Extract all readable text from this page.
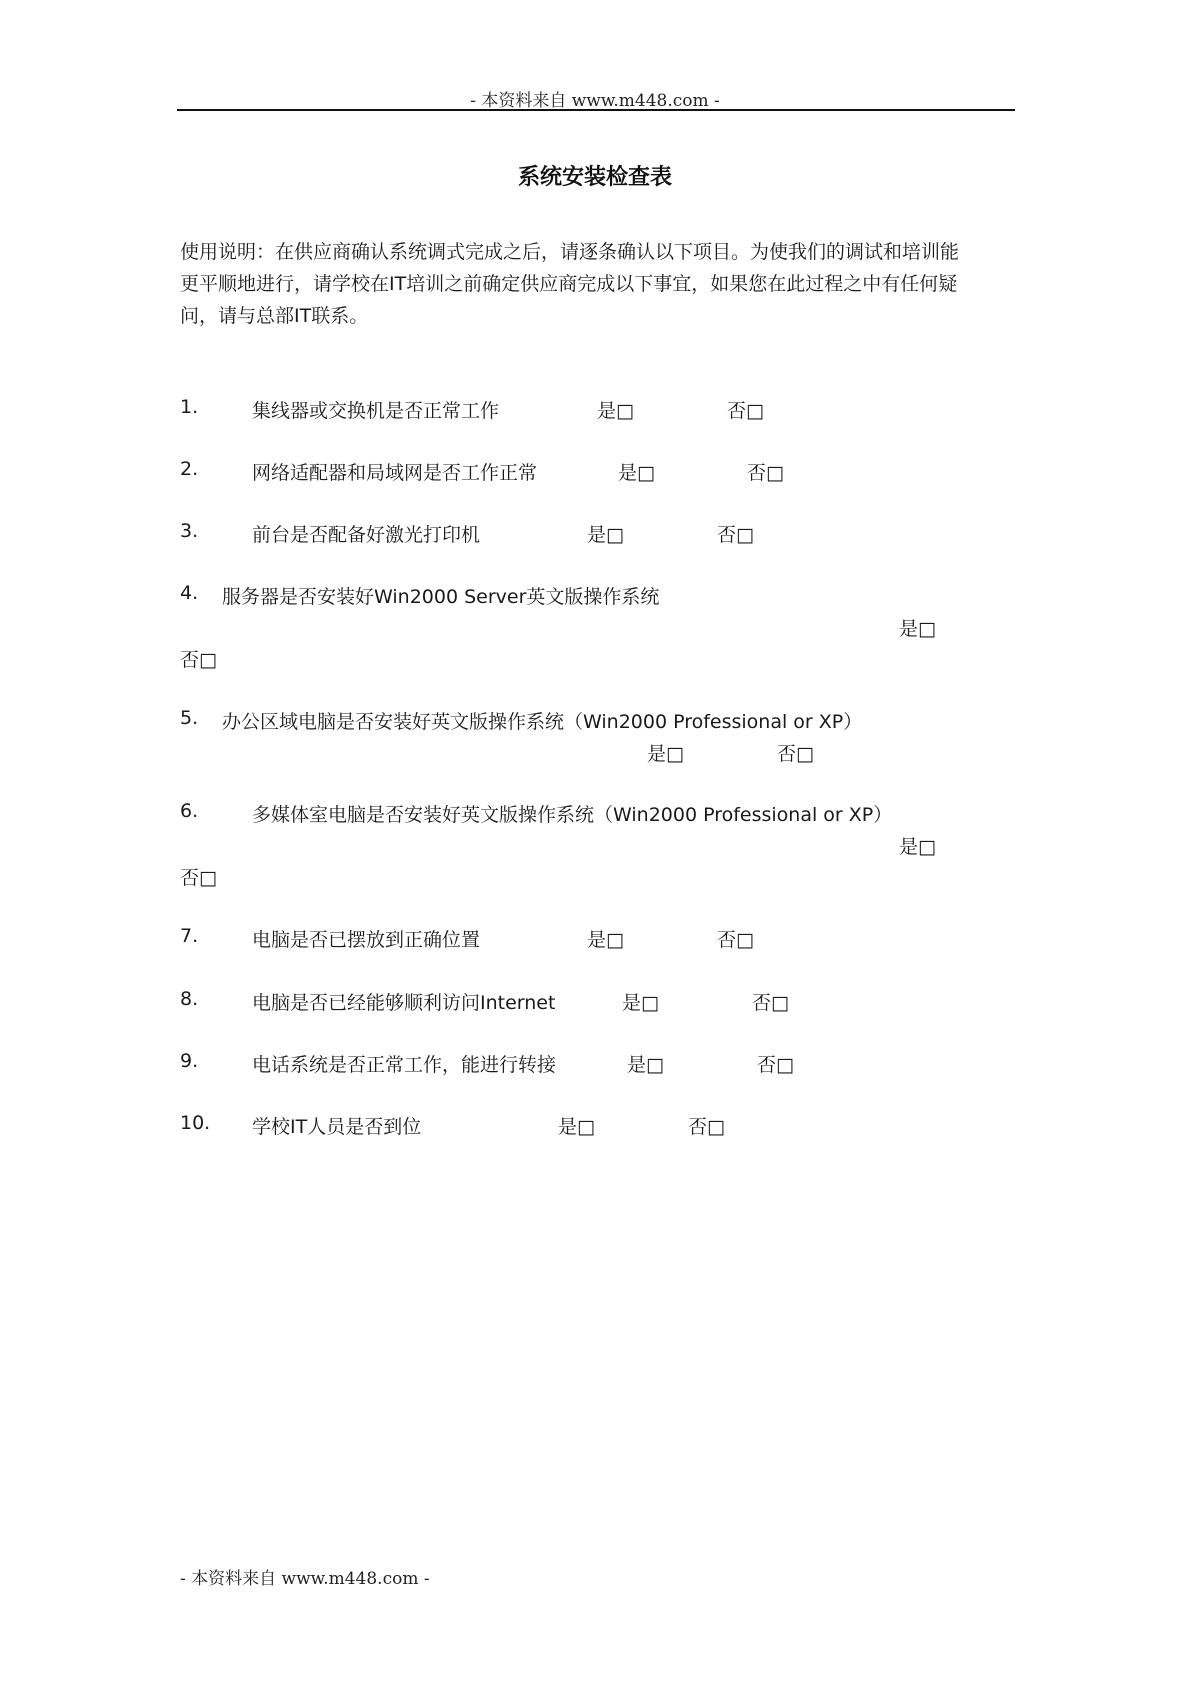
- 本资料来自 www.m448.com -
系统安装检查表
使用说明：在供应商确认系统调式完成之后，请逐条确认以下项目。为使我们的调试和培训能
更平顺地进行，请学校在IT培训之前确定供应商完成以下事宜，如果您在此过程之中有任何疑
问，请与总部IT联系。
1.	集线器或交换机是否正常工作	是□	否□
2.	网络适配器和局域网是否工作正常	是□	否□
3.	前台是否配备好激光打印机	是□	否□
4. 服务器是否安装好Win2000 Server英文版操作系统
是□
否□
5. 办公区域电脑是否安装好英文版操作系统（Win2000 Professional or XP）
是□	否□
6.	多媒体室电脑是否安装好英文版操作系统（Win2000 Professional or XP）
是□
否□
7.	电脑是否已摆放到正确位置	是□	否□
8.	电脑是否已经能够顺利访问Internet	是□	否□
9.	电话系统是否正常工作，能进行转接	是□	否□
10. 学校IT人员是否到位	是□	否□
- 本资料来自 www.m448.com -
